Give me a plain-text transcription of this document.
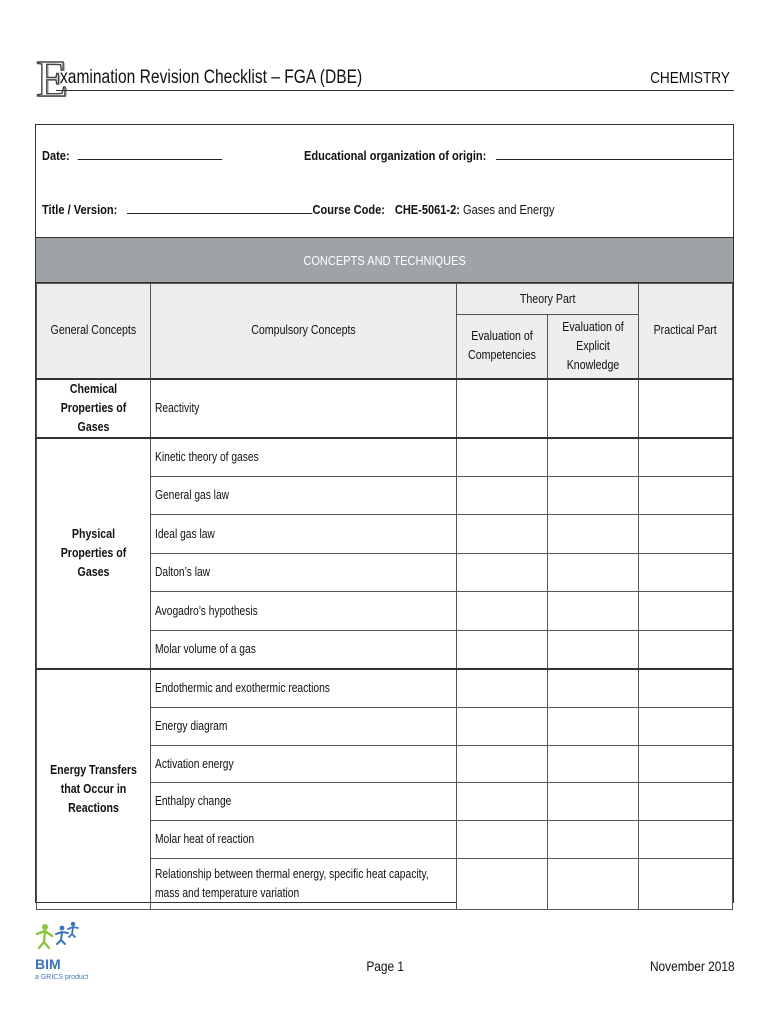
E
xamination Revision Checklist – FGA (DBE)	CHEMISTRY
Date:	Educational organization of origin:
Title / Version:	Course Code: CHE-5061-2: Gases and Energy
CONCEPTS AND TECHNIQUES
General Concepts	Compulsory Concepts	Theory Part		Practical Part
		Evaluation of Competencies	Evaluation of Explicit Knowledge	
Chemical Properties of Gases	Reactivity			
Physical Properties of Gases	Kinetic theory of gases			
	General gas law			
	Ideal gas law			
	Dalton’s law			
	Avogadro’s hypothesis			
	Molar volume of a gas			
Energy Transfers that Occur in Reactions	Endothermic and exothermic reactions			
	Energy diagram			
	Activation energy			
	Enthalpy change			
	Molar heat of reaction			
	Relationship between thermal energy, specific heat capacity, mass and temperature variation			
BIM
a GRICS product
Page 1	November 2018
